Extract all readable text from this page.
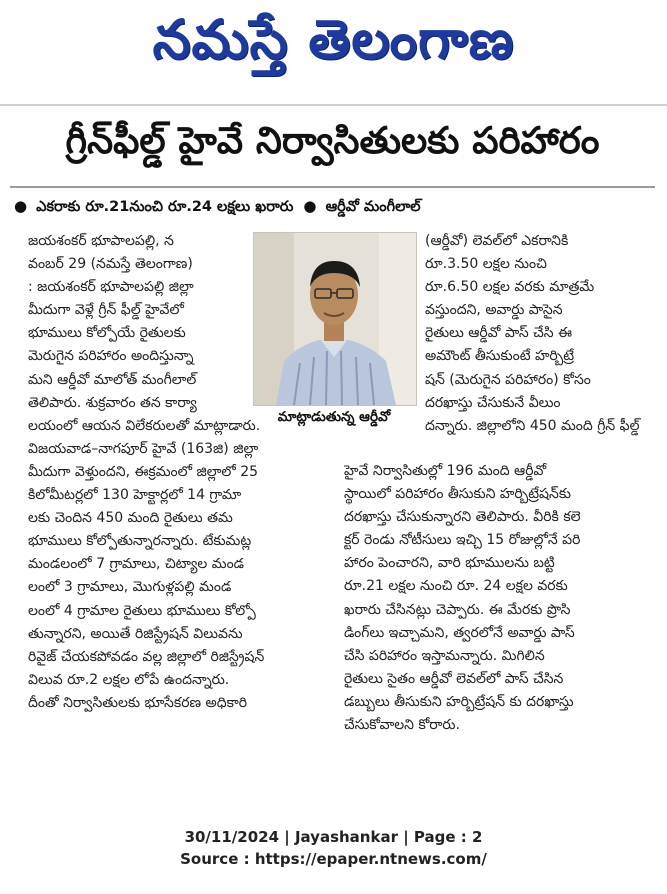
నమస్తే తెలంగాణ
గ్రీన్‌ఫీల్డ్ హైవే నిర్వాసితులకు పరిహారం
● ఎకరాకు రూ.21నుంచి రూ.24 లక్షలు ఖరారు ● ఆర్డీవో మంగీలాల్
జయశంకర్ భూపాలపల్లి, న
వంబర్ 29 (నమస్తే తెలంగాణ)
: జయశంకర్ భూపాలపల్లి జిల్లా
మీదుగా వెళ్లే గ్రీన్ ఫీల్డ్ హైవేలో
భూములు కోల్పోయే రైతులకు
మెరుగైన పరిహారం అందిస్తున్నా
మని ఆర్డీవో మాలోత్ మంగీలాల్
తెలిపారు. శుక్రవారం తన కార్యా
లయంలో ఆయన విలేకరులతో మాట్లాడారు.
విజయవాడ–నాగపూర్ హైవే (163జి) జిల్లా
మీదుగా వెళ్తుందని, ఈక్రమంలో జిల్లాలో 25
కిలోమీటర్లలో 130 హెక్టార్లలో 14 గ్రామా
లకు చెందిన 450 మంది రైతులు తమ
భూములు కోల్పోతున్నారన్నారు. టేకుమట్ల
మండలంలో 7 గ్రామాలు, చిట్యాల మండ
లంలో 3 గ్రామాలు, మొగుళ్లపల్లి మండ
లంలో 4 గ్రామాల రైతులు భూములు కోల్పో
తున్నారని, అయితే రిజిస్ట్రేషన్ విలువను
రివైజ్ చేయకపోవడం వల్ల జిల్లాలో రిజిస్ట్రేషన్
విలువ రూ.2 లక్షల లోపే ఉందన్నారు.
దీంతో నిర్వాసితులకు భూసేకరణ అధికారి
మాట్లాడుతున్న ఆర్డీవో
(ఆర్డీవో) లెవల్‌లో ఎకరానికి
రూ.3.50 లక్షల నుంచి
రూ.6.50 లక్షల వరకు మాత్రమే
వస్తుందని, అవార్డు పాసైన
రైతులు ఆర్డీవో పాస్ చేసి ఈ
అమౌంట్ తీసుకుంటే హర్బిట్రే
షన్ (మెరుగైన పరిహారం) కోసం
దరఖాస్తు చేసుకునే వీలుం
దన్నారు. జిల్లాలోని 450 మంది గ్రీన్ ఫీల్డ్
హైవే నిర్వాసితుల్లో 196 మంది ఆర్డీవో
స్థాయిలో పరిహారం తీసుకుని హర్బిట్రేషన్‌కు
దరఖాస్తు చేసుకున్నారని తెలిపారు. వీరికి కలె
క్టర్ రెండు నోటీసులు ఇచ్చి 15 రోజుల్లోనే పరి
హారం పెంచారని, వారి భూములను బట్టి
రూ.21 లక్షల నుంచి రూ. 24 లక్షల వరకు
ఖరారు చేసినట్లు చెప్పారు. ఈ మేరకు ప్రొసి
డింగ్‌లు ఇచ్చామని, త్వరలోనే అవార్డు పాస్
చేసి పరిహారం ఇస్తామన్నారు. మిగిలిన
రైతులు సైతం ఆర్డీవో లెవల్‌లో పాస్ చేసిన
డబ్బులు తీసుకుని హర్బిట్రేషన్ కు దరఖాస్తు
చేసుకోవాలని కోరారు.
30/11/2024 | Jayashankar | Page : 2
Source : https://epaper.ntnews.com/
